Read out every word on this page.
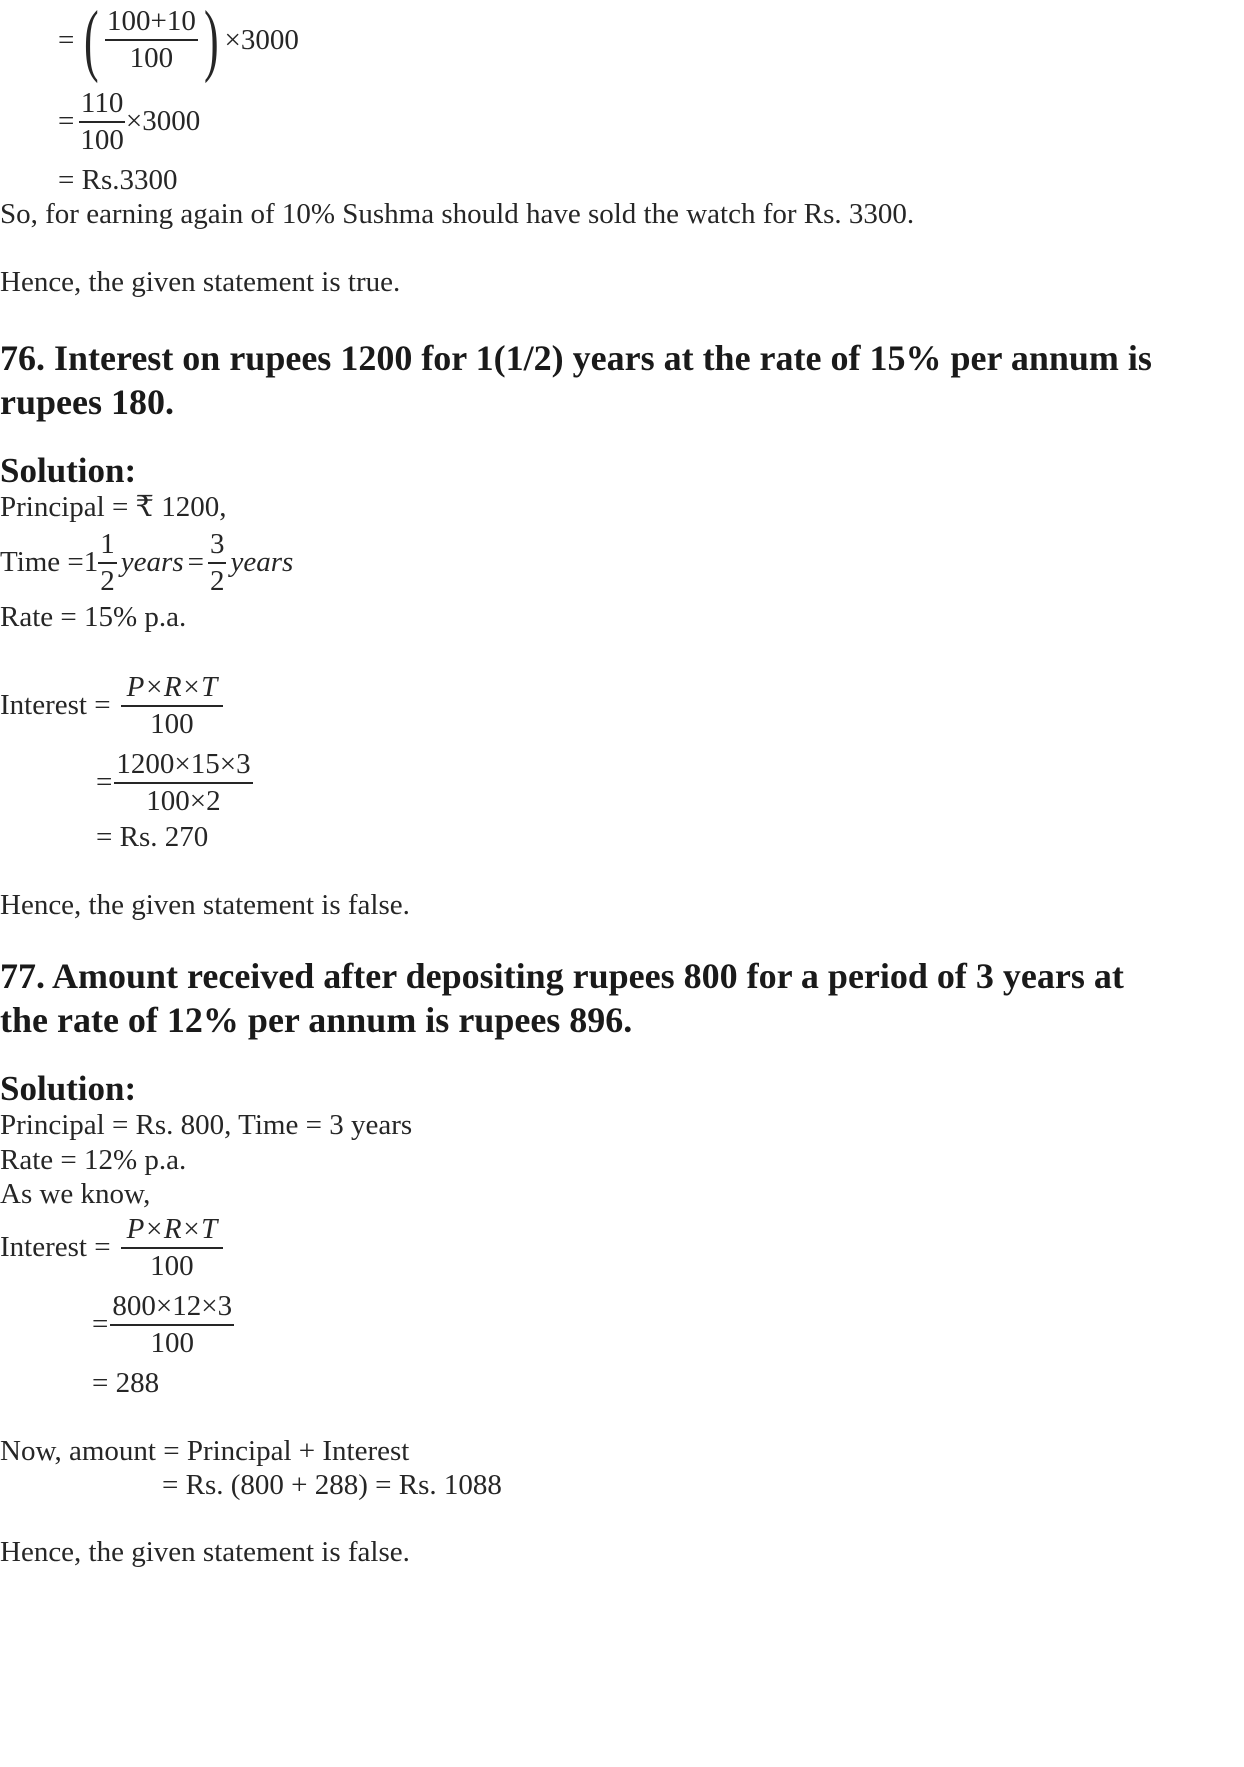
= ( $\frac{100+10}{100}$ ) ×3000
= $\frac{110}{100} \times 3000$
= Rs.3300
So, for earning again of 10% Sushma should have sold the watch for Rs. 3300.
Hence, the given statement is true.
76. Interest on rupees 1200 for 1(1/2) years at the rate of 15% per annum is
rupees 180.
Solution:
Principal = ₹ 1200,
Time = $1 \frac{1}{2}$ years = $\frac{3}{2}$ years
Rate = 15% p.a.
Interest = $\frac{P\times R\times T}{100}$
= $\frac{1200\times 15\times 3}{100\times 2}$
= Rs. 270
Hence, the given statement is false.
77. Amount received after depositing rupees 800 for a period of 3 years at
the rate of 12% per annum is rupees 896.
Solution:
Principal = Rs. 800, Time = 3 years
Rate = 12% p.a.
As we know,
Interest = $\frac{P\times R\times T}{100}$
= $\frac{800\times 12\times 3}{100}$
= 288
Now, amount = Principal + Interest
= Rs. (800 + 288) = Rs. 1088
Hence, the given statement is false.
